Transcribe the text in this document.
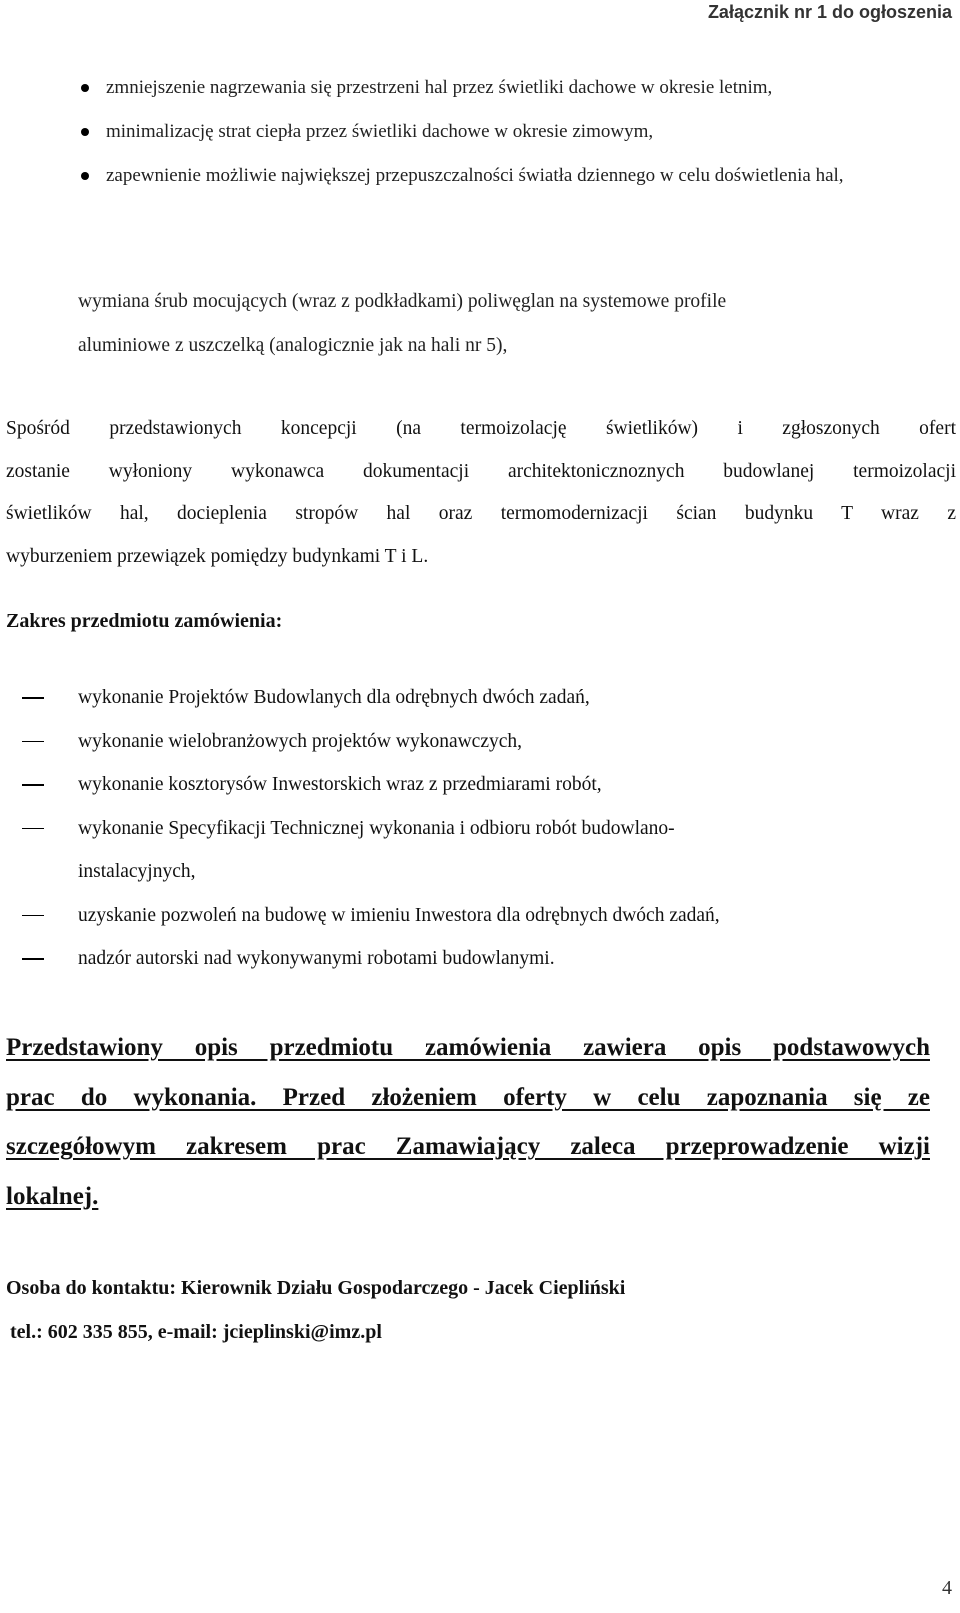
Załącznik nr 1 do ogłoszenia
zmniejszenie nagrzewania się przestrzeni hal przez świetliki dachowe w okresie letnim,
minimalizację strat ciepła przez świetliki dachowe w okresie zimowym,
zapewnienie możliwie największej przepuszczalności światła dziennego w celu doświetlenia hal,
wymiana śrub mocujących (wraz z podkładkami) poliwęglan na systemowe profile
aluminiowe z uszczelką (analogicznie jak na hali nr 5),
Spośród przedstawionych koncepcji (na termoizolację świetlików) i zgłoszonych ofert
zostanie wyłoniony wykonawca dokumentacji architektonicznoznych budowlanej termoizolacji
świetlików hal, docieplenia stropów hal oraz termomodernizacji ścian budynku T wraz z
wyburzeniem przewiązek pomiędzy budynkami T i L.
Zakres przedmiotu zamówienia:
wykonanie Projektów Budowlanych dla odrębnych dwóch zadań,
wykonanie wielobranżowych projektów wykonawczych,
wykonanie kosztorysów Inwestorskich wraz z przedmiarami robót,
wykonanie Specyfikacji Technicznej wykonania i odbioru robót budowlano-
instalacyjnych,
uzyskanie pozwoleń na budowę w imieniu Inwestora dla odrębnych dwóch zadań,
nadzór autorski nad wykonywanymi robotami budowlanymi.
Przedstawiony opis przedmiotu zamówienia zawiera opis podstawowych
prac do wykonania. Przed złożeniem oferty w celu zapoznania się ze
szczegółowym zakresem prac Zamawiający zaleca przeprowadzenie wizji
lokalnej.
Osoba do kontaktu: Kierownik Działu Gospodarczego - Jacek Ciepliński
tel.: 602 335 855, e-mail: jcieplinski@imz.pl
4
